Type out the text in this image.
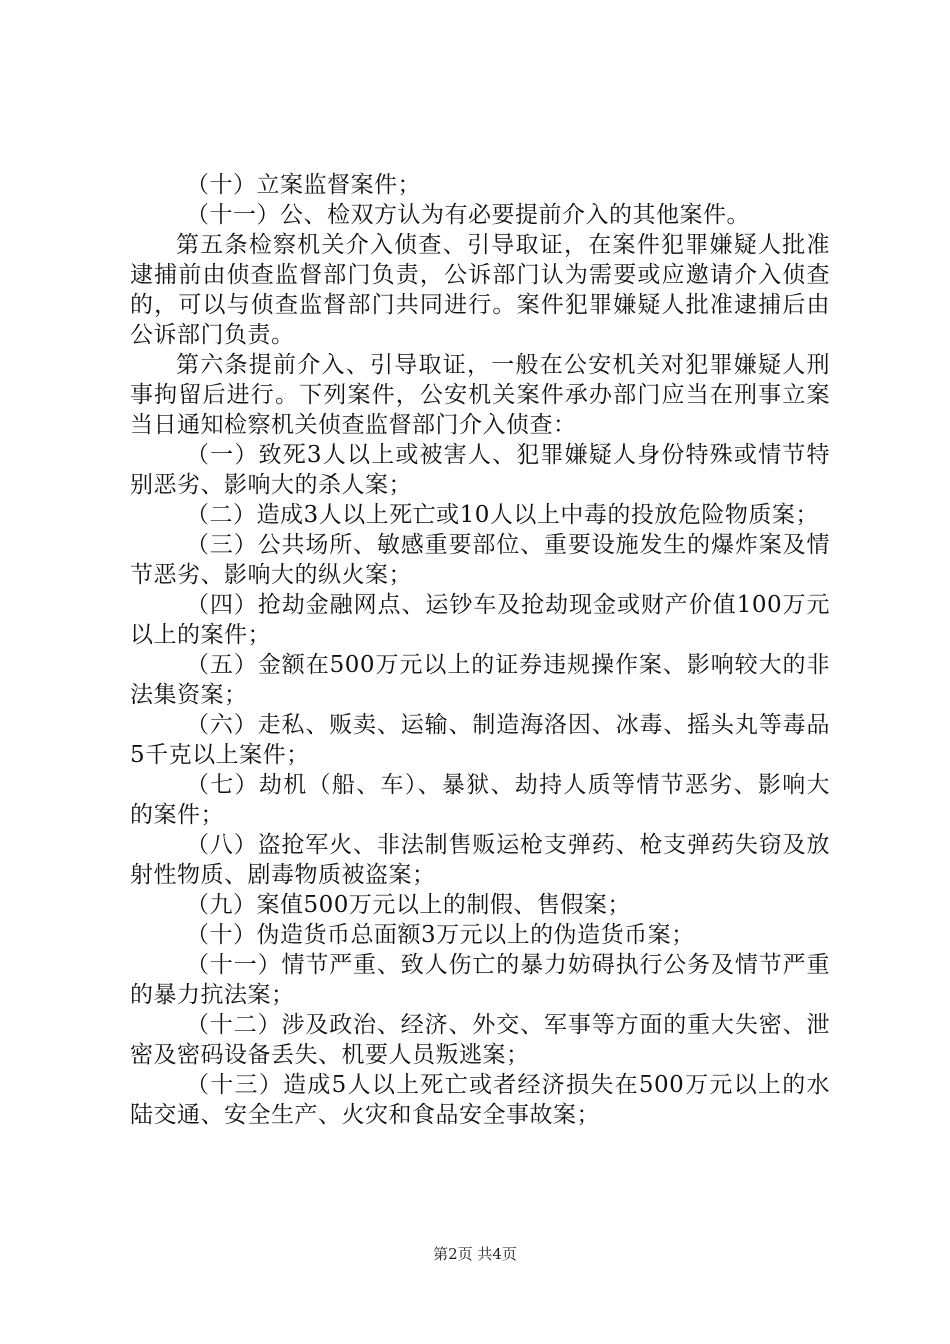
（十）立案监督案件；

（十一）公、检双方认为有必要提前介入的其他案件。

第五条检察机关介入侦查、引导取证，在案件犯罪嫌疑人批准逮捕前由侦查监督部门负责，公诉部门认为需要或应邀请介入侦查的，可以与侦查监督部门共同进行。案件犯罪嫌疑人批准逮捕后由公诉部门负责。

第六条提前介入、引导取证，一般在公安机关对犯罪嫌疑人刑事拘留后进行。下列案件，公安机关案件承办部门应当在刑事立案当日通知检察机关侦查监督部门介入侦查：

（一）致死3人以上或被害人、犯罪嫌疑人身份特殊或情节特别恶劣、影响大的杀人案；

（二）造成3人以上死亡或10人以上中毒的投放危险物质案；

（三）公共场所、敏感重要部位、重要设施发生的爆炸案及情节恶劣、影响大的纵火案；

（四）抢劫金融网点、运钞车及抢劫现金或财产价值100万元以上的案件；

（五）金额在500万元以上的证券违规操作案、影响较大的非法集资案；

（六）走私、贩卖、运输、制造海洛因、冰毒、摇头丸等毒品5千克以上案件；

（七）劫机（船、车）、暴狱、劫持人质等情节恶劣、影响大的案件；

（八）盗抢军火、非法制售贩运枪支弹药、枪支弹药失窃及放射性物质、剧毒物质被盗案；

（九）案值500万元以上的制假、售假案；

（十）伪造货币总面额3万元以上的伪造货币案；

（十一）情节严重、致人伤亡的暴力妨碍执行公务及情节严重的暴力抗法案；

（十二）涉及政治、经济、外交、军事等方面的重大失密、泄密及密码设备丢失、机要人员叛逃案；

（十三）造成5人以上死亡或者经济损失在500万元以上的水陆交通、安全生产、火灾和食品安全事故案；

第2页 共4页
